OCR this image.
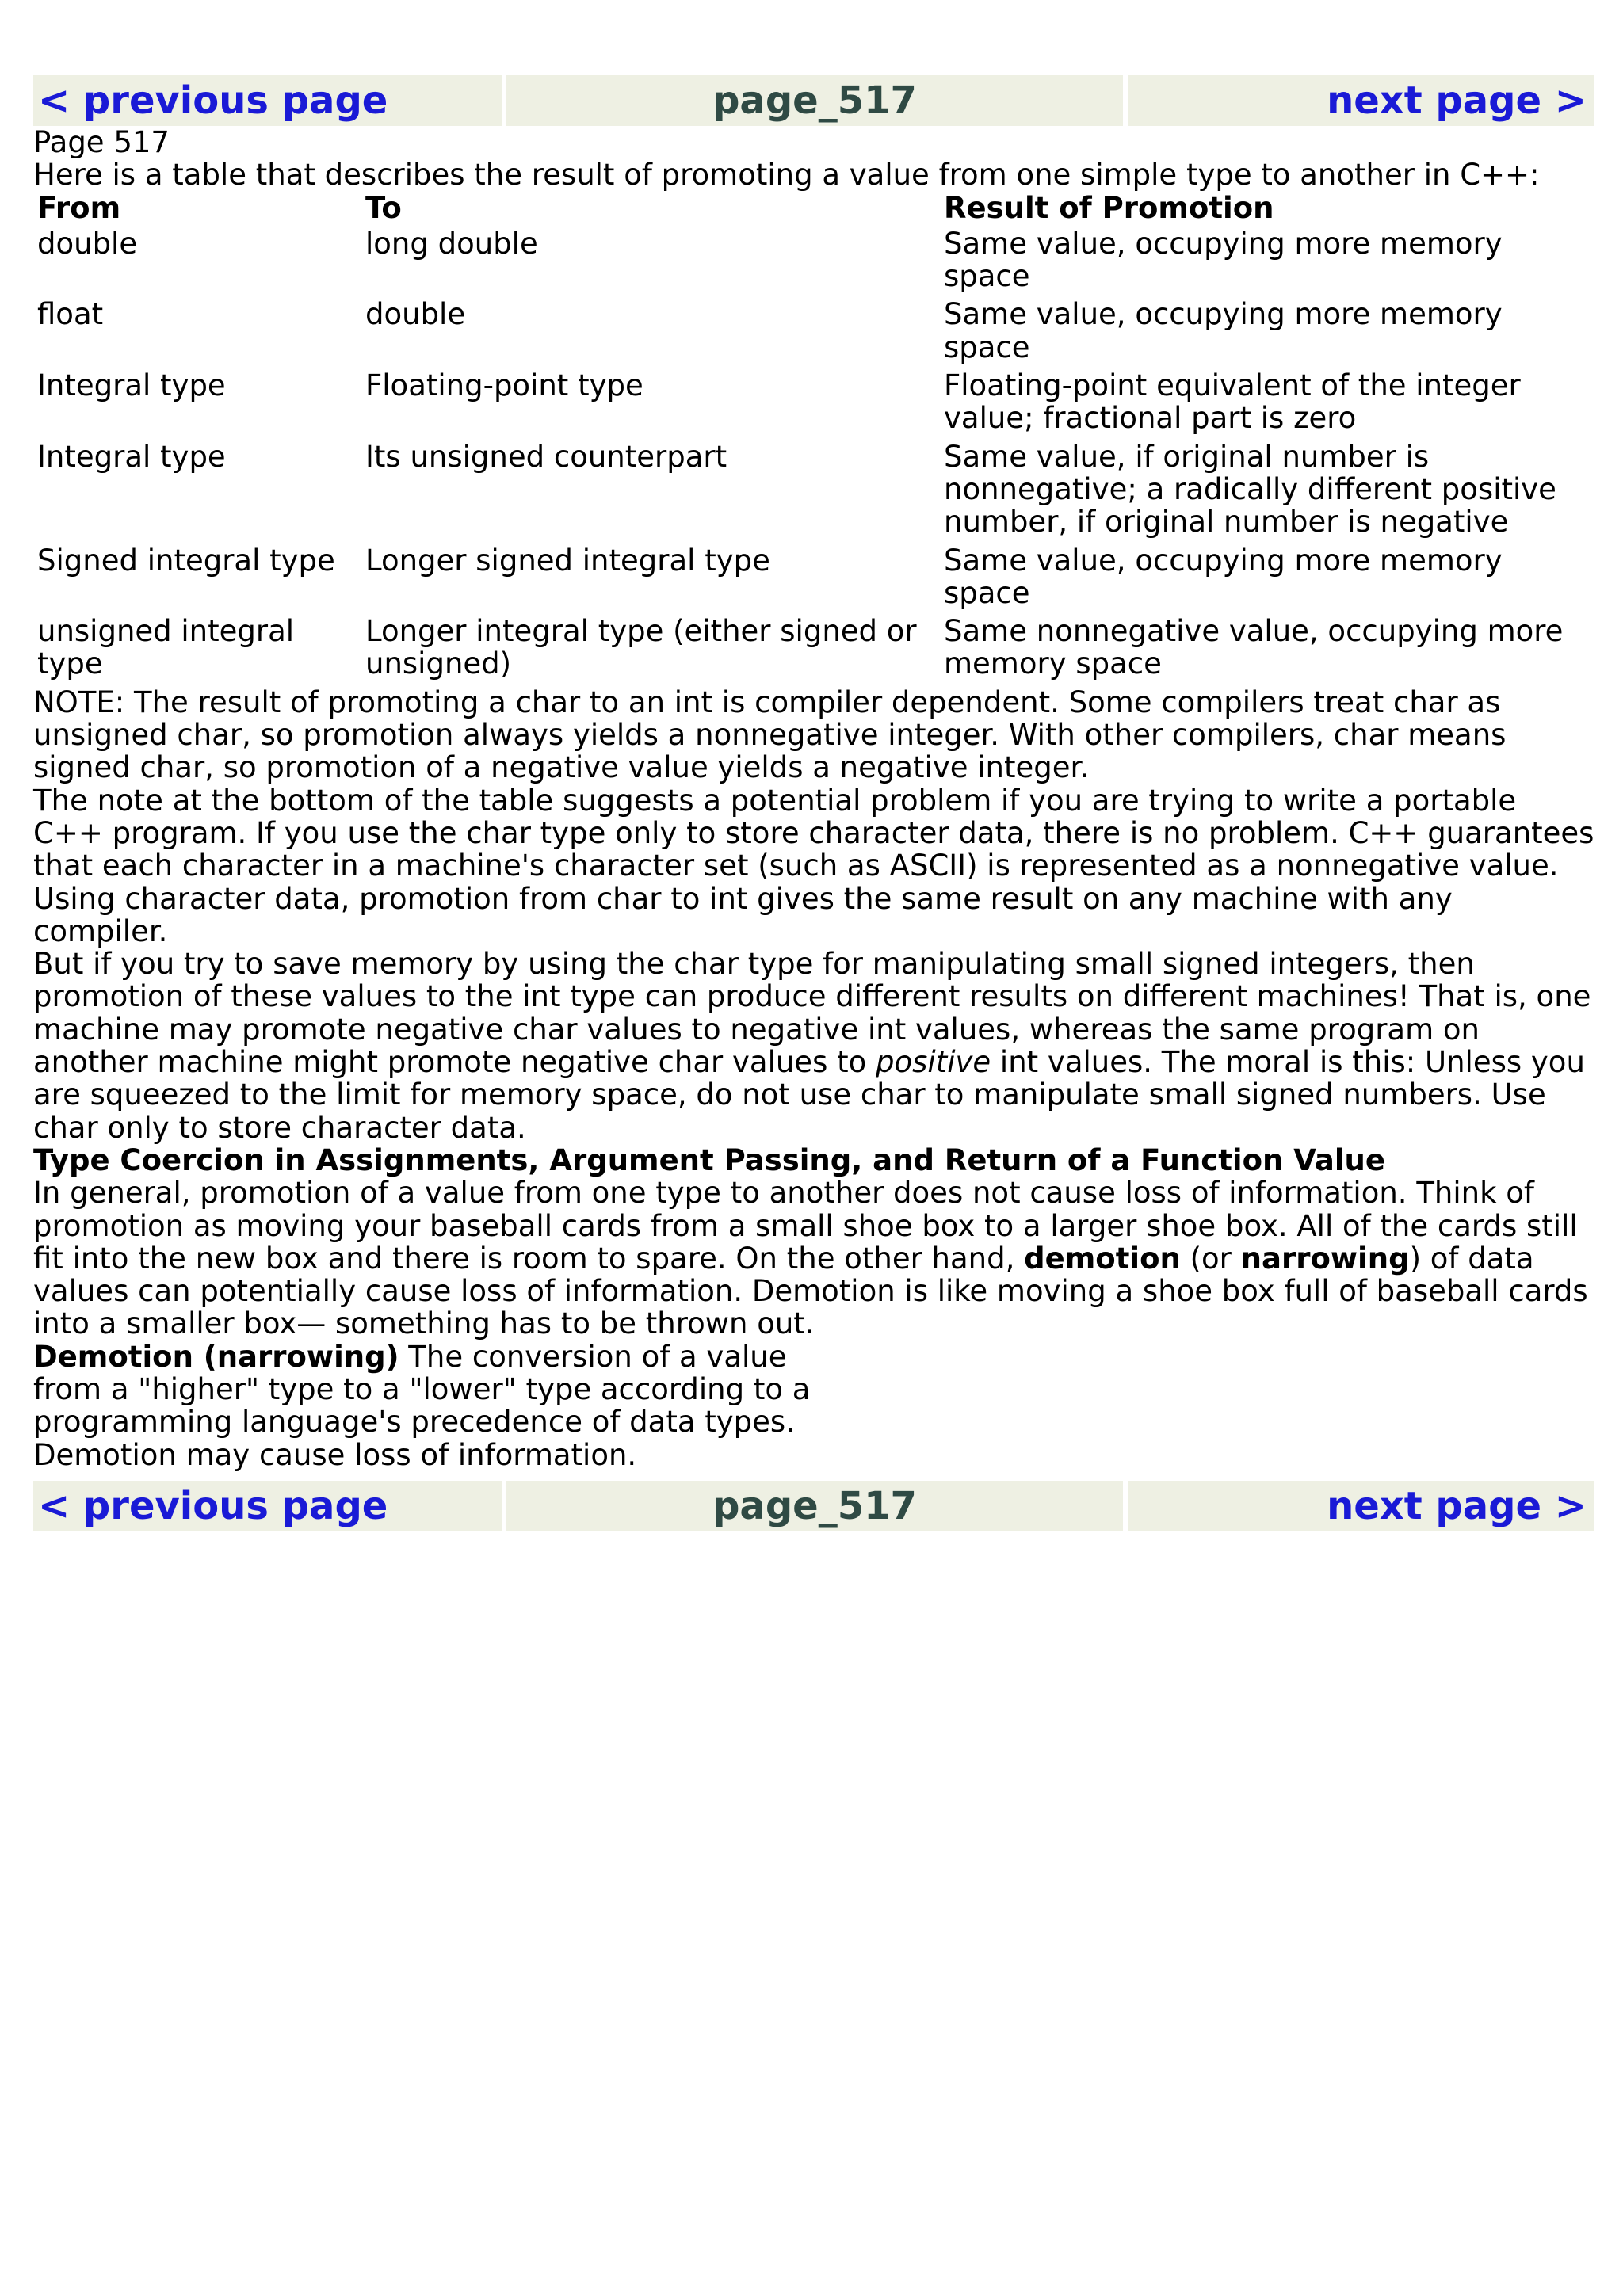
< previous page	page_517	next page >

Page 517

Here is a table that describes the result of promoting a value from one simple type to another in C++:

From	To	Result of Promotion
double	long double	Same value, occupying more memory space
float	double	Same value, occupying more memory space
Integral type	Floating-point type	Floating-point equivalent of the integer value; fractional part is zero
Integral type	Its unsigned counterpart	Same value, if original number is nonnegative; a radically different positive number, if original number is negative
Signed integral type	Longer signed integral type	Same value, occupying more memory space
unsigned integral type	Longer integral type (either signed or unsigned)	Same nonnegative value, occupying more memory space

NOTE: The result of promoting a char to an int is compiler dependent. Some compilers treat char as unsigned char, so promotion always yields a nonnegative integer. With other compilers, char means signed char, so promotion of a negative value yields a negative integer.

The note at the bottom of the table suggests a potential problem if you are trying to write a portable C++ program. If you use the char type only to store character data, there is no problem. C++ guarantees that each character in a machine's character set (such as ASCII) is represented as a nonnegative value. Using character data, promotion from char to int gives the same result on any machine with any compiler.

But if you try to save memory by using the char type for manipulating small signed integers, then promotion of these values to the int type can produce different results on different machines! That is, one machine may promote negative char values to negative int values, whereas the same program on another machine might promote negative char values to positive int values. The moral is this: Unless you are squeezed to the limit for memory space, do not use char to manipulate small signed numbers. Use char only to store character data.

Type Coercion in Assignments, Argument Passing, and Return of a Function Value

In general, promotion of a value from one type to another does not cause loss of information. Think of promotion as moving your baseball cards from a small shoe box to a larger shoe box. All of the cards still fit into the new box and there is room to spare. On the other hand, demotion (or narrowing) of data values can potentially cause loss of information. Demotion is like moving a shoe box full of baseball cards into a smaller box— something has to be thrown out.

Demotion (narrowing) The conversion of a value from a "higher" type to a "lower" type according to a programming language's precedence of data types. Demotion may cause loss of information.

< previous page	page_517	next page >
